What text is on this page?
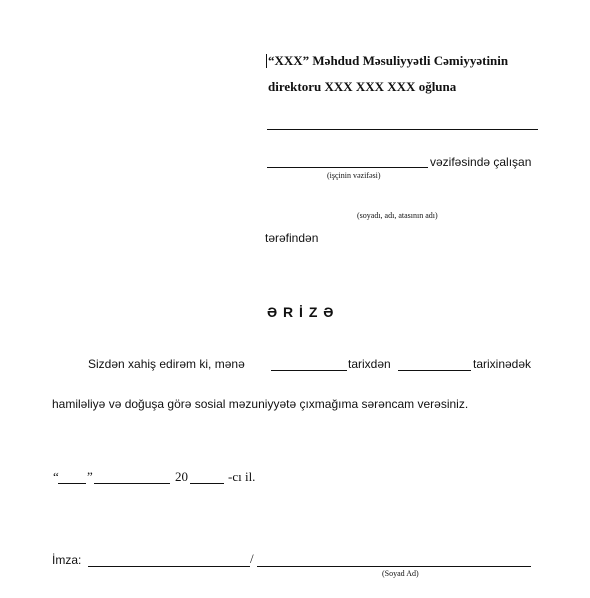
“XXX” Məhdud Məsuliyyətli Cəmiyyətinin
direktoru XXX XXX XXX oğluna
vəzifəsində çalışan
(işçinin vəzifəsi)
(soyadı, adı, atasının adı)
tərəfindən
Ə R İ Z Ə
Sizdən xahiş edirəm ki, mənə	tarixdən	tarixinədək
hamiləliyə və doğuşa görə sosial məzuniyyətə çıxmağıma sərəncam verəsiniz.
“ ”	20	-cı il.
İmza:	/
(Soyad Ad)
